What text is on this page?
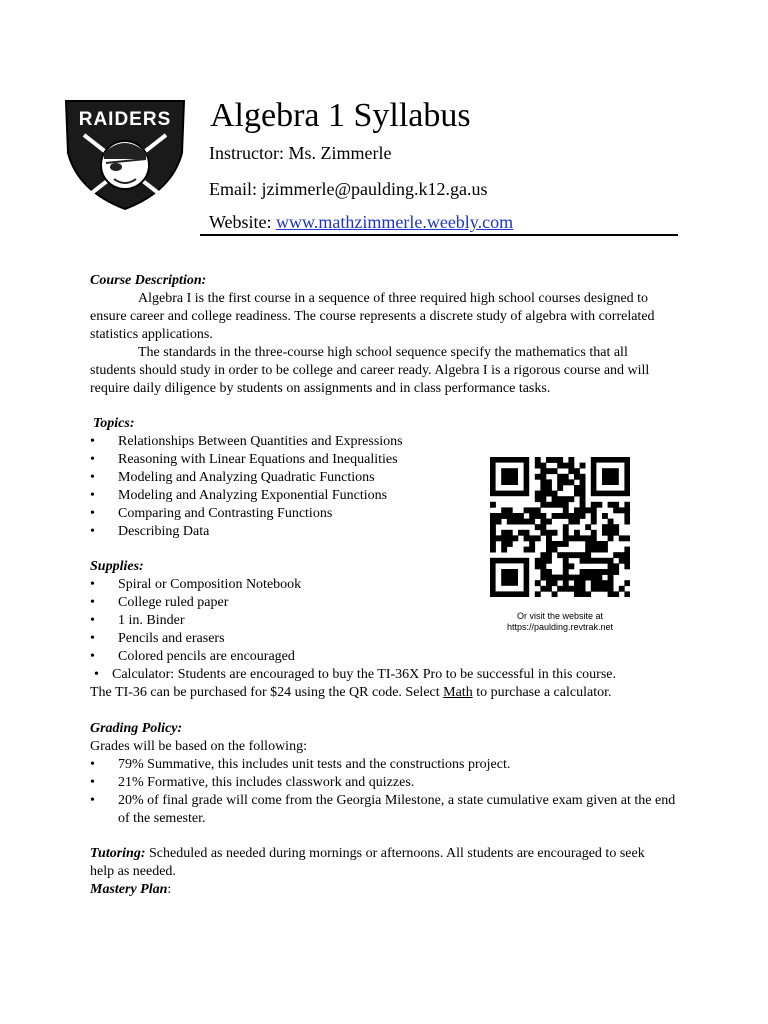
RAIDERS Algebra 1 Syllabus
Instructor: Ms. Zimmerle
Email: jzimmerle@paulding.k12.ga.us
Website: www.mathzimmerle.weebly.com
Course Description:

Algebra I is the first course in a sequence of three required high school courses designed to ensure career and college readiness. The course represents a discrete study of algebra with correlated statistics applications.

The standards in the three-course high school sequence specify the mathematics that all students should study in order to be college and career ready. Algebra I is a rigorous course and will require daily diligence by students on assignments and in class performance tasks.

Topics:
• Relationships Between Quantities and Expressions
• Reasoning with Linear Equations and Inequalities
• Modeling and Analyzing Quadratic Functions
• Modeling and Analyzing Exponential Functions
• Comparing and Contrasting Functions
• Describing Data
Or visit the website at
https://paulding.revtrak.net
Supplies:
• Spiral or Composition Notebook
• College ruled paper
• 1 in. Binder
• Pencils and erasers
• Colored pencils are encouraged
• Calculator: Students are encouraged to buy the TI-36X Pro to be successful in this course.
The TI-36 can be purchased for $24 using the QR code. Select Math to purchase a calculator.
Grading Policy:
Grades will be based on the following:
• 79% Summative, this includes unit tests and the constructions project.
• 21% Formative, this includes classwork and quizzes.
• 20% of final grade will come from the Georgia Milestone, a state cumulative exam given at the end of the semester.
Tutoring: Scheduled as needed during mornings or afternoons. All students are encouraged to seek help as needed.
Mastery Plan:
